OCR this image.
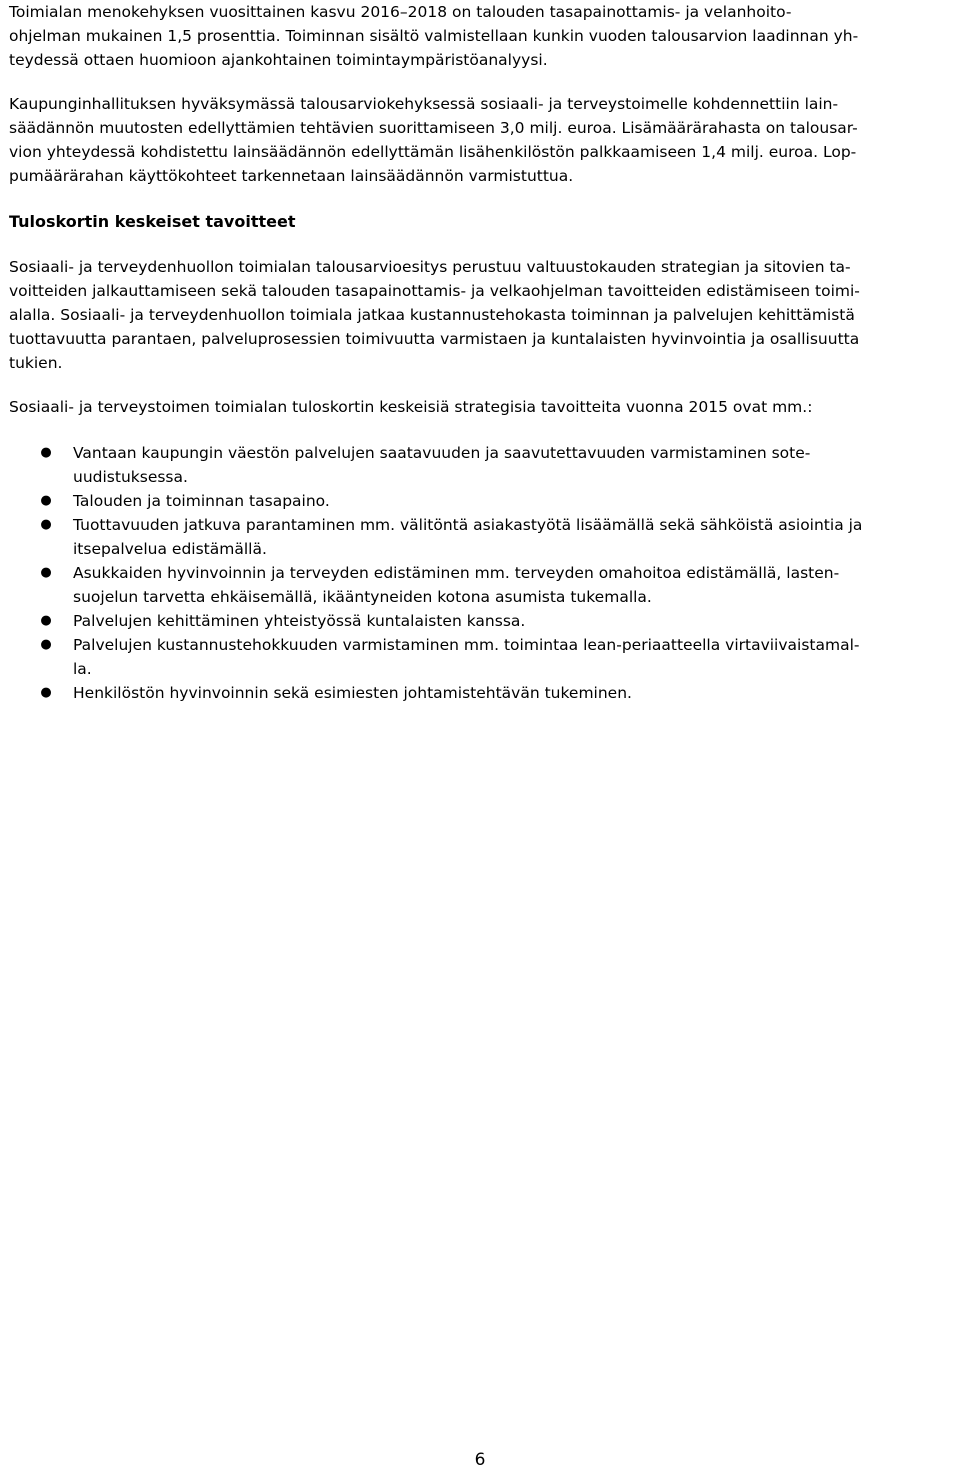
Toimialan menokehyksen vuosittainen kasvu 2016–2018 on talouden tasapainottamis- ja velanhoito-
ohjelman mukainen 1,5 prosenttia. Toiminnan sisältö valmistellaan kunkin vuoden talousarvion laadinnan yh-
teydessä ottaen huomioon ajankohtainen toimintaympäristöanalyysi.
Kaupunginhallituksen hyväksymässä talousarviokehyksessä sosiaali- ja terveystoimelle kohdennettiin lain-
säädännön muutosten edellyttämien tehtävien suorittamiseen 3,0 milj. euroa. Lisämäärärahasta on talousar-
vion yhteydessä kohdistettu lainsäädännön edellyttämän lisähenkilöstön palkkaamiseen 1,4 milj. euroa. Lop-
pumäärärahan käyttökohteet tarkennetaan lainsäädännön varmistuttua.
Tuloskortin keskeiset tavoitteet
Sosiaali- ja terveydenhuollon toimialan talousarvioesitys perustuu valtuustokauden strategian ja sitovien ta-
voitteiden jalkauttamiseen sekä talouden tasapainottamis- ja velkaohjelman tavoitteiden edistämiseen toimi-
alalla. Sosiaali- ja terveydenhuollon toimiala jatkaa kustannustehokasta toiminnan ja palvelujen kehittämistä
tuottavuutta parantaen, palveluprosessien toimivuutta varmistaen ja kuntalaisten hyvinvointia ja osallisuutta
tukien.
Sosiaali- ja terveystoimen toimialan tuloskortin keskeisiä strategisia tavoitteita vuonna 2015 ovat mm.:
● Vantaan kaupungin väestön palvelujen saatavuuden ja saavutettavuuden varmistaminen sote-
uudistuksessa.
● Talouden ja toiminnan tasapaino.
● Tuottavuuden jatkuva parantaminen mm. välitöntä asiakastyötä lisäämällä sekä sähköistä asiointia ja
itsepalvelua edistämällä.
● Asukkaiden hyvinvoinnin ja terveyden edistäminen mm. terveyden omahoitoa edistämällä, lasten-
suojelun tarvetta ehkäisemällä, ikääntyneiden kotona asumista tukemalla.
● Palvelujen kehittäminen yhteistyössä kuntalaisten kanssa.
● Palvelujen kustannustehokkuuden varmistaminen mm. toimintaa lean-periaatteella virtaviivaistamal-
la.
● Henkilöstön hyvinvoinnin sekä esimiesten johtamistehtävän tukeminen.
6
